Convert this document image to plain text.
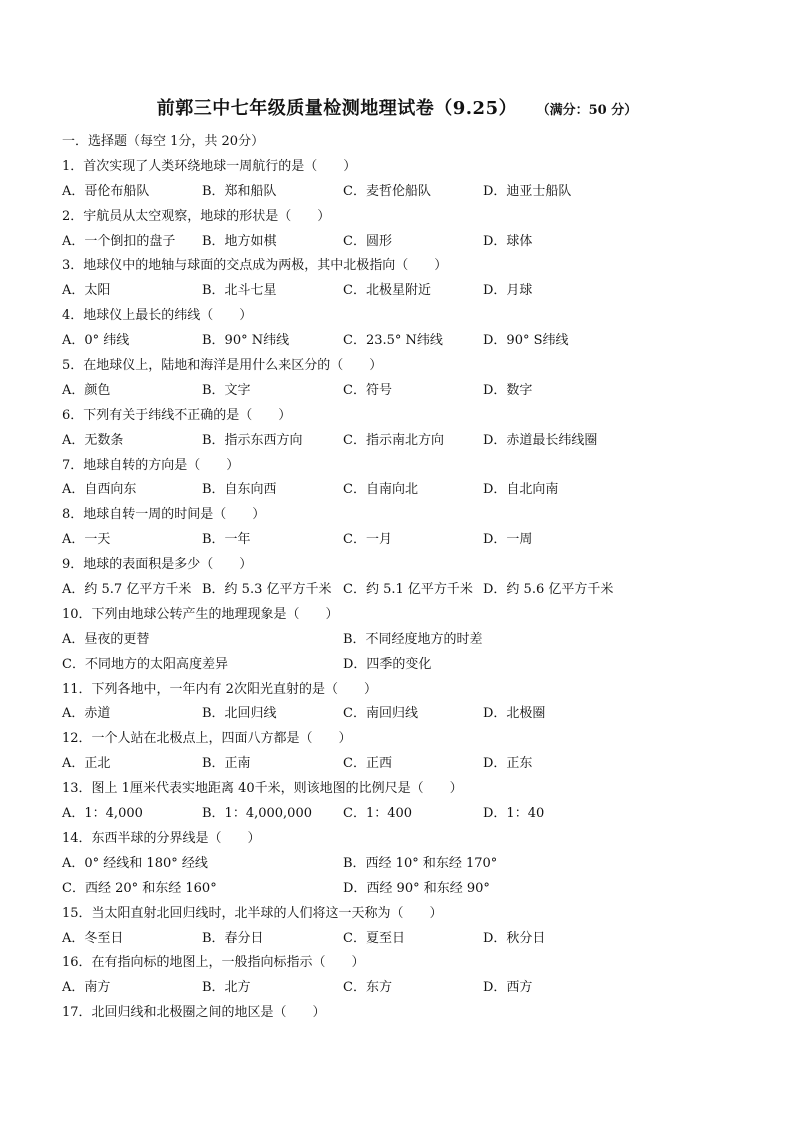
前郭三中七年级质量检测地理试卷（9.25） （满分：50 分）
一．选择题（每空 1分，共 20分）
1．首次实现了人类环绕地球一周航行的是（　　）
A．哥伦布船队	B．郑和船队	C．麦哲伦船队	D．迪亚士船队
2．宇航员从太空观察，地球的形状是（　　）
A．一个倒扣的盘子 B．地方如棋	C．圆形	D．球体
3．地球仪中的地轴与球面的交点成为两极，其中北极指向（　　）
A．太阳	B．北斗七星	C．北极星附近	D．月球
4．地球仪上最长的纬线（　　）
A．0° 纬线	B．90° N纬线	C．23.5° N纬线	D．90° S纬线
5．在地球仪上，陆地和海洋是用什么来区分的（　　）
A．颜色	B．文字	C．符号	D．数字
6．下列有关于纬线不正确的是（　　）
A．无数条	B．指示东西方向	C．指示南北方向	D．赤道最长纬线圈
7．地球自转的方向是（　　）
A．自西向东	B．自东向西	C．自南向北	D．自北向南
8．地球自转一周的时间是（　　）
A．一天	B．一年	C．一月	D．一周
9．地球的表面积是多少（　　）
A．约 5.7 亿平方千米 B．约 5.3 亿平方千米 C．约 5.1 亿平方千米 D．约 5.6 亿平方千米
10．下列由地球公转产生的地理现象是（　　）
A．昼夜的更替	B．不同经度地方的时差
C．不同地方的太阳高度差异	D．四季的变化
11．下列各地中，一年内有 2次阳光直射的是（　　）
A．赤道	B．北回归线	C．南回归线	D．北极圈
12．一个人站在北极点上，四面八方都是（　　）
A．正北	B．正南	C．正西	D．正东
13．图上 1厘米代表实地距离 40千米，则该地图的比例尺是（　　）
A．1：4,000	B．1：4,000,000 C．1：400	D．1：40
14．东西半球的分界线是（　　）
A．0° 经线和 180° 经线	B．西经 10° 和东经 170°
C．西经 20° 和东经 160°	D．西经 90° 和东经 90°
15．当太阳直射北回归线时，北半球的人们将这一天称为（　　）
A．冬至日	B．春分日	C．夏至日	D．秋分日
16．在有指向标的地图上，一般指向标指示（　　）
A．南方	B．北方	C．东方	D．西方
17．北回归线和北极圈之间的地区是（　　）
